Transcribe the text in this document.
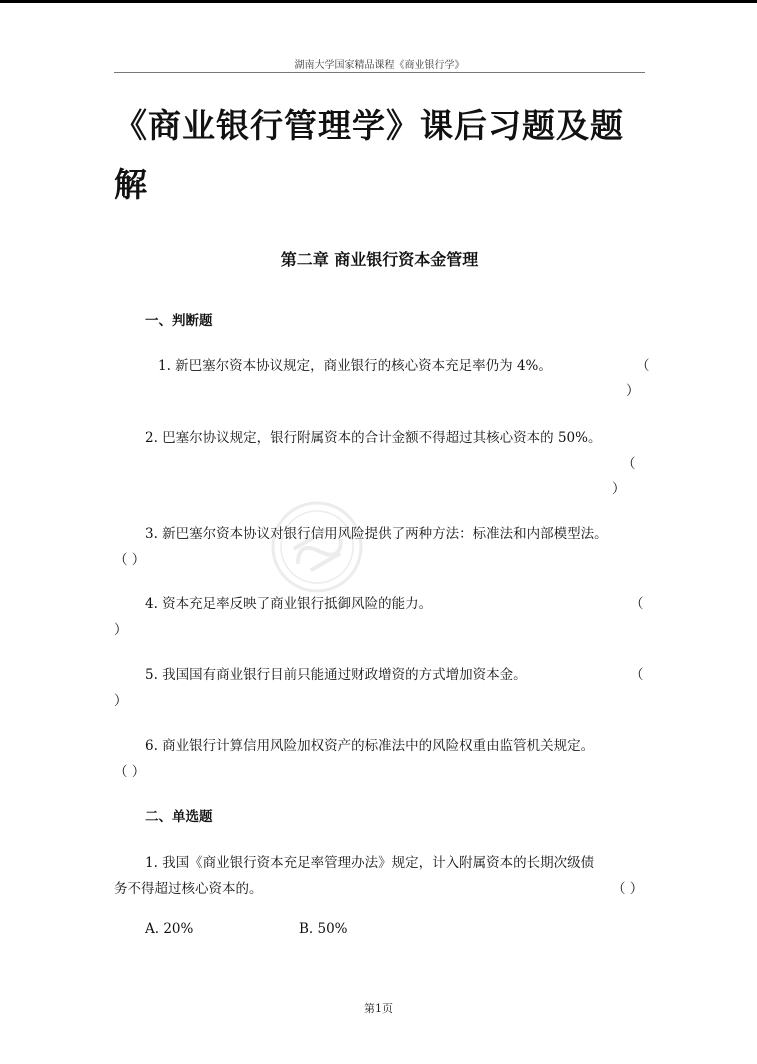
湖南大学国家精品课程《商业银行学》
《商业银行管理学》课后习题及题
解
第二章 商业银行资本金管理
一、判断题
1. 新巴塞尔资本协议规定，商业银行的核心资本充足率仍为 4%。	（
）
2. 巴塞尔协议规定，银行附属资本的合计金额不得超过其核心资本的 50%。
（
）
3. 新巴塞尔资本协议对银行信用风险提供了两种方法：标准法和内部模型法。
（ ）
4. 资本充足率反映了商业银行抵御风险的能力。	（
）
5. 我国国有商业银行目前只能通过财政增资的方式增加资本金。	（
）
6. 商业银行计算信用风险加权资产的标准法中的风险权重由监管机关规定。
（ ）
二、单选题
1. 我国《商业银行资本充足率管理办法》规定，计入附属资本的长期次级债
务不得超过核心资本的。	（ ）
A. 20%	B. 50%
第1页
